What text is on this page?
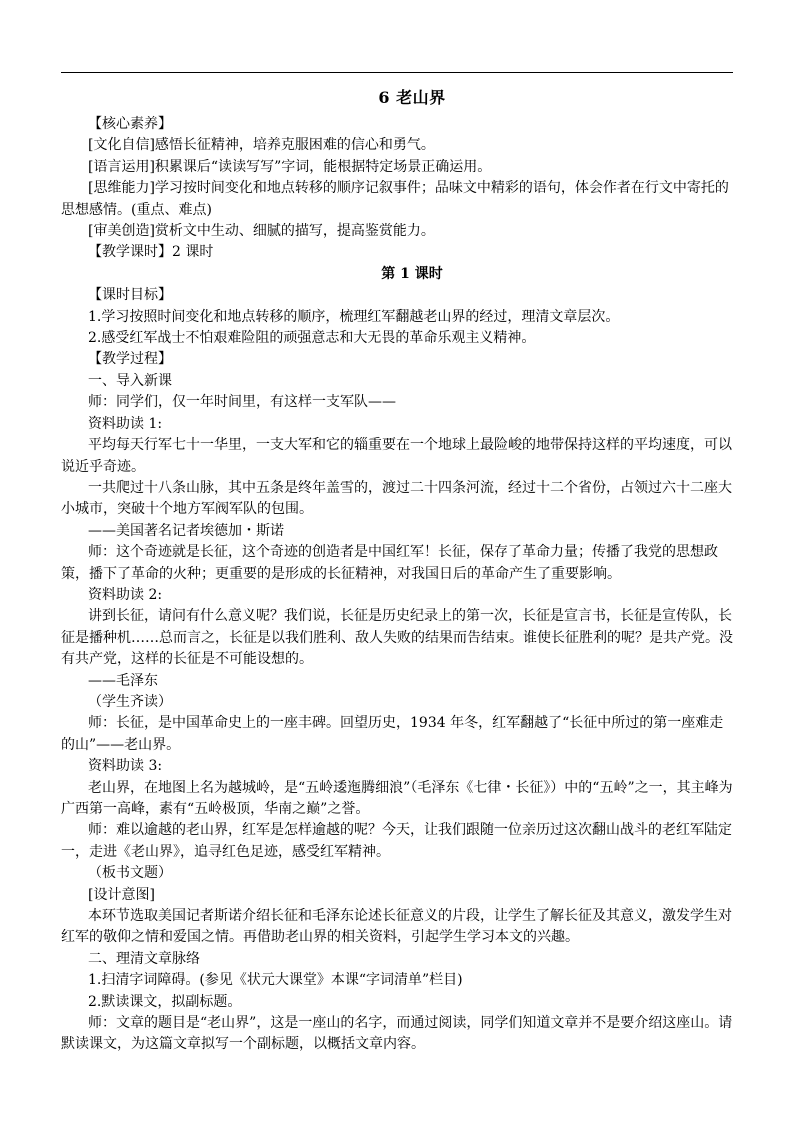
6 老山界

【核心素养】

[文化自信]感悟长征精神，培养克服困难的信心和勇气。

[语言运用]积累课后“读读写写”字词，能根据特定场景正确运用。

[思维能力]学习按时间变化和地点转移的顺序记叙事件；品味文中精彩的语句，体会作者在行文中寄托的思想感情。(重点、难点)

[审美创造]赏析文中生动、细腻的描写，提高鉴赏能力。

【教学课时】2 课时

第 1 课时

【课时目标】

1.学习按照时间变化和地点转移的顺序，梳理红军翻越老山界的经过，理清文章层次。

2.感受红军战士不怕艰难险阻的顽强意志和大无畏的革命乐观主义精神。

【教学过程】

一、导入新课

师：同学们，仅一年时间里，有这样一支军队——

资料助读 1:

平均每天行军七十一华里，一支大军和它的辎重要在一个地球上最险峻的地带保持这样的平均速度，可以说近乎奇迹。

一共爬过十八条山脉，其中五条是终年盖雪的，渡过二十四条河流，经过十二个省份，占领过六十二座大小城市，突破十个地方军阀军队的包围。

——美国著名记者埃德加・斯诺

师：这个奇迹就是长征，这个奇迹的创造者是中国红军！长征，保存了革命力量；传播了我党的思想政策，播下了革命的火种；更重要的是形成的长征精神，对我国日后的革命产生了重要影响。

资料助读 2:

讲到长征，请问有什么意义呢？我们说，长征是历史纪录上的第一次，长征是宣言书，长征是宣传队，长征是播种机……总而言之，长征是以我们胜利、敌人失败的结果而告结束。谁使长征胜利的呢？是共产党。没有共产党，这样的长征是不可能设想的。

——毛泽东

（学生齐读）

师：长征，是中国革命史上的一座丰碑。回望历史，1934 年冬，红军翻越了“长征中所过的第一座难走的山”——老山界。

资料助读 3:

老山界，在地图上名为越城岭，是“五岭逶迤腾细浪”（毛泽东《七律・长征》）中的“五岭”之一，其主峰为广西第一高峰，素有“五岭极顶，华南之巅”之誉。

师：难以逾越的老山界，红军是怎样逾越的呢？今天，让我们跟随一位亲历过这次翻山战斗的老红军陆定一，走进《老山界》，追寻红色足迹，感受红军精神。

（板书文题）

[设计意图]

本环节选取美国记者斯诺介绍长征和毛泽东论述长征意义的片段，让学生了解长征及其意义，激发学生对红军的敬仰之情和爱国之情。再借助老山界的相关资料，引起学生学习本文的兴趣。

二、理清文章脉络

1.扫清字词障碍。(参见《状元大课堂》本课“字词清单”栏目)

2.默读课文，拟副标题。

师：文章的题目是“老山界”，这是一座山的名字，而通过阅读，同学们知道文章并不是要介绍这座山。请默读课文，为这篇文章拟写一个副标题，以概括文章内容。
